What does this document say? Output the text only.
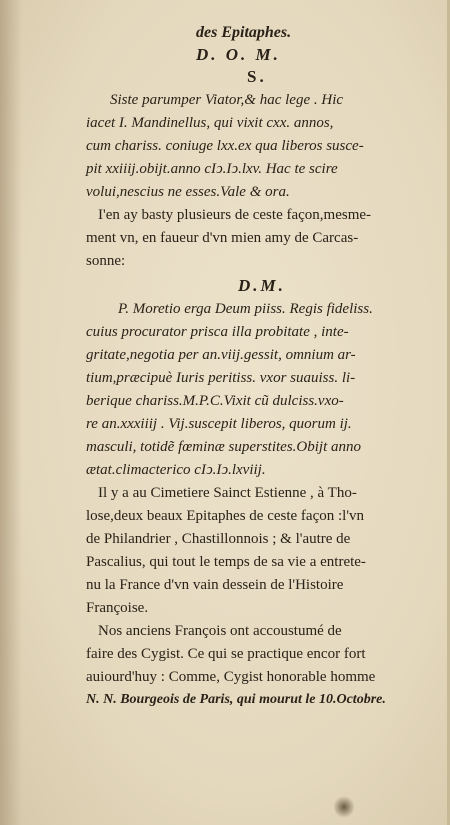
des Epitaphes.
D. O. M.
S.
Siste parumper Viator,& hac lege . Hic
iacet I. Mandinellus, qui vixit cxx. annos,
cum chariss. coniuge lxx.ex qua liberos susce-
pit xxiiij.obijt.anno cIↄ.Iↄ.lxv. Hac te scire
volui,nescius ne esses.Vale & ora.
I'en ay basty plusieurs de ceste façon,mesme-
ment vn, en faueur d'vn mien amy de Carcas-
sonne:
D.M.
P. Moretio erga Deum piiss. Regis fideliss.
cuius procurator prisca illa probitate , inte-
gritate,negotia per an.viij.gessit, omnium ar-
tium,præcipuè Iuris peritiss. vxor suauiss. li-
berique chariss.M.P.C.Vixit cũ dulciss.vxo-
re an.xxxiiij . Vij.suscepit liberos, quorum ij.
masculi, totidẽ fœminæ superstites.Obijt anno
ætat.climacterico cIↄ.Iↄ.lxviij.
Il y a au Cimetiere Sainct Estienne , à Tho-
lose,deux beaux Epitaphes de ceste façon :l'vn
de Philandrier , Chastillonnois ; & l'autre de
Pascalius, qui tout le temps de sa vie a entrete-
nu la France d'vn vain dessein de l'Histoire
Françoise.
Nos anciens François ont accoustumé de
faire des Cygist. Ce qui se practique encor fort
auiourd'huy : Comme, Cygist honorable homme
N. N. Bourgeois de Paris, qui mourut le 10.Octobre.
